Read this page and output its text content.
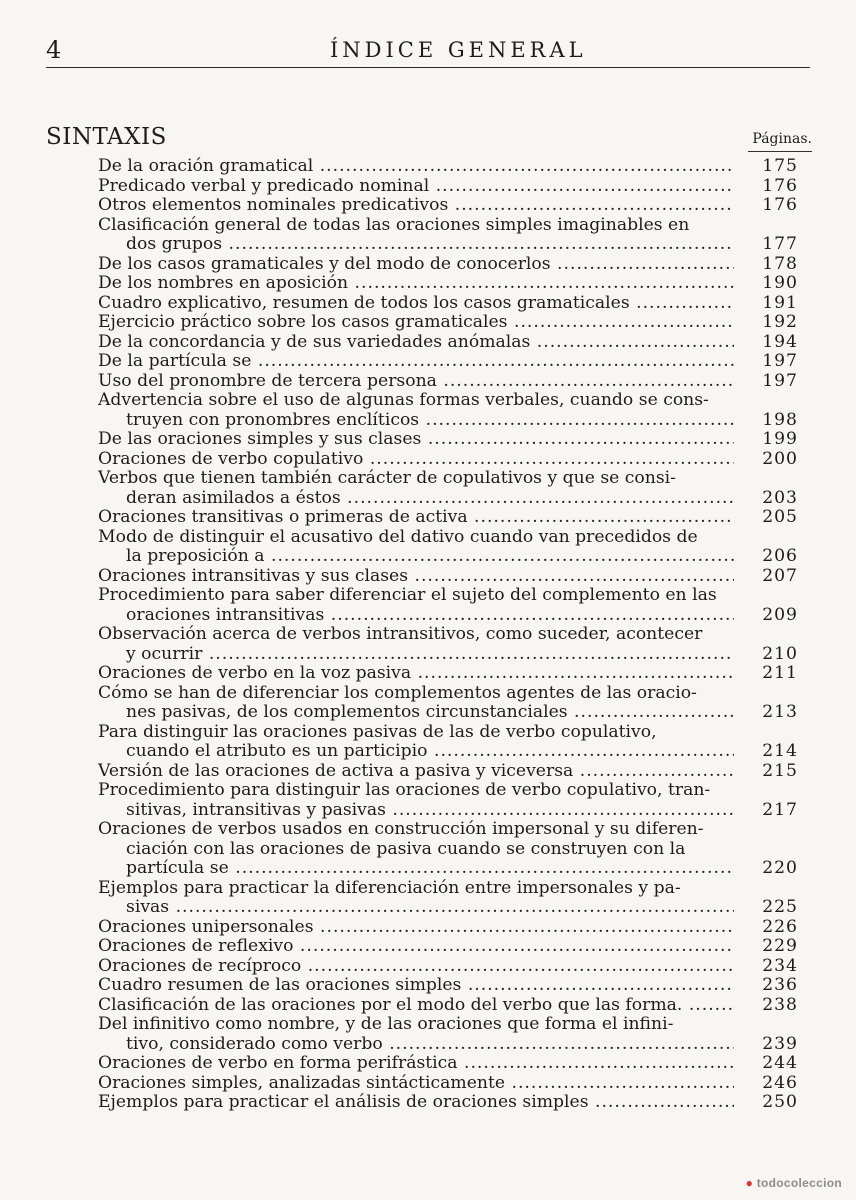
4	ÍNDICE GENERAL
SINTAXIS	Páginas.
De la oración gramatical .....	175
Predicado verbal y predicado nominal .....	176
Otros elementos nominales predicativos .....	176
Clasificación general de todas las oraciones simples imaginables en
dos grupos .....	177
De los casos gramaticales y del modo de conocerlos .....	178
De los nombres en aposición .....	190
Cuadro explicativo, resumen de todos los casos gramaticales .....	191
Ejercicio práctico sobre los casos gramaticales .....	192
De la concordancia y de sus variedades anómalas .....	194
De la partícula se .....	197
Uso del pronombre de tercera persona .....	197
Advertencia sobre el uso de algunas formas verbales, cuando se cons-
truyen con pronombres enclíticos .....	198
De las oraciones simples y sus clases .....	199
Oraciones de verbo copulativo .....	200
Verbos que tienen también carácter de copulativos y que se consi-
deran asimilados a éstos .....	203
Oraciones transitivas o primeras de activa .....	205
Modo de distinguir el acusativo del dativo cuando van precedidos de
la preposición a .....	206
Oraciones intransitivas y sus clases .....	207
Procedimiento para saber diferenciar el sujeto del complemento en las
oraciones intransitivas .....	209
Observación acerca de verbos intransitivos, como suceder, acontecer
y ocurrir .....	210
Oraciones de verbo en la voz pasiva .....	211
Cómo se han de diferenciar los complementos agentes de las oracio-
nes pasivas, de los complementos circunstanciales .....	213
Para distinguir las oraciones pasivas de las de verbo copulativo,
cuando el atributo es un participio .....	214
Versión de las oraciones de activa a pasiva y viceversa .....	215
Procedimiento para distinguir las oraciones de verbo copulativo, tran-
sitivas, intransitivas y pasivas .....	217
Oraciones de verbos usados en construcción impersonal y su diferen-
ciación con las oraciones de pasiva cuando se construyen con la
partícula se .....	220
Ejemplos para practicar la diferenciación entre impersonales y pa-
sivas .....	225
Oraciones unipersonales .....	226
Oraciones de reflexivo .....	229
Oraciones de recíproco .....	234
Cuadro resumen de las oraciones simples .....	236
Clasificación de las oraciones por el modo del verbo que las forma. .....	238
Del infinitivo como nombre, y de las oraciones que forma el infini-
tivo, considerado como verbo .....	239
Oraciones de verbo en forma perifrástica .....	244
Oraciones simples, analizadas sintácticamente .....	246
Ejemplos para practicar el análisis de oraciones simples .....	250
● todocoleccion
